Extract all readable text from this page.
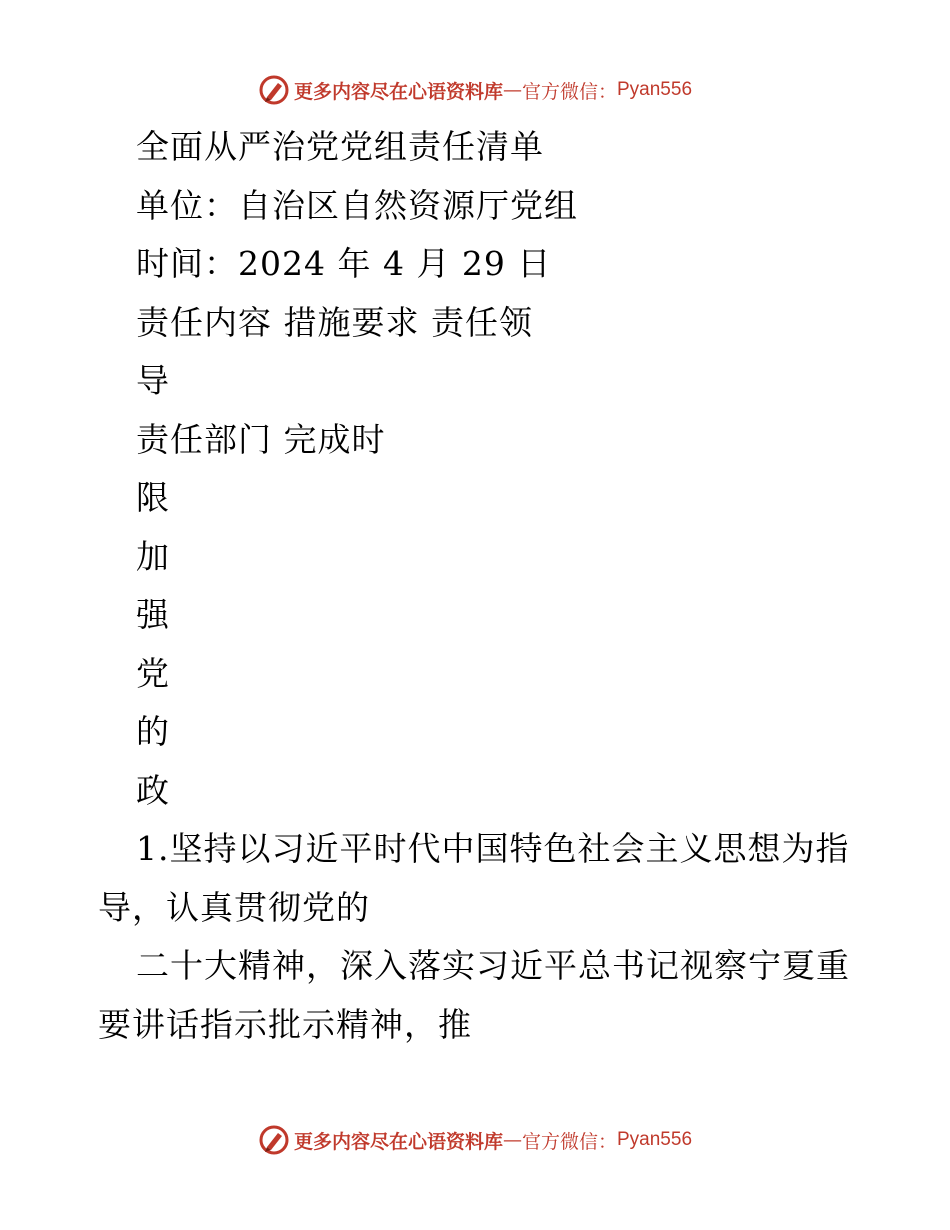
更多内容尽在心语资料库 — 官方微信： Pyan556
全面从严治党党组责任清单
单位：自治区自然资源厅党组
时间：2024 年 4 月 29 日
责任内容 措施要求 责任领
导
责任部门 完成时
限
加
强
党
的
政
1.坚持以习近平时代中国特色社会主义思想为指
导，认真贯彻党的
二十大精神，深入落实习近平总书记视察宁夏重
要讲话指示批示精神，推
更多内容尽在心语资料库 — 官方微信： Pyan556
